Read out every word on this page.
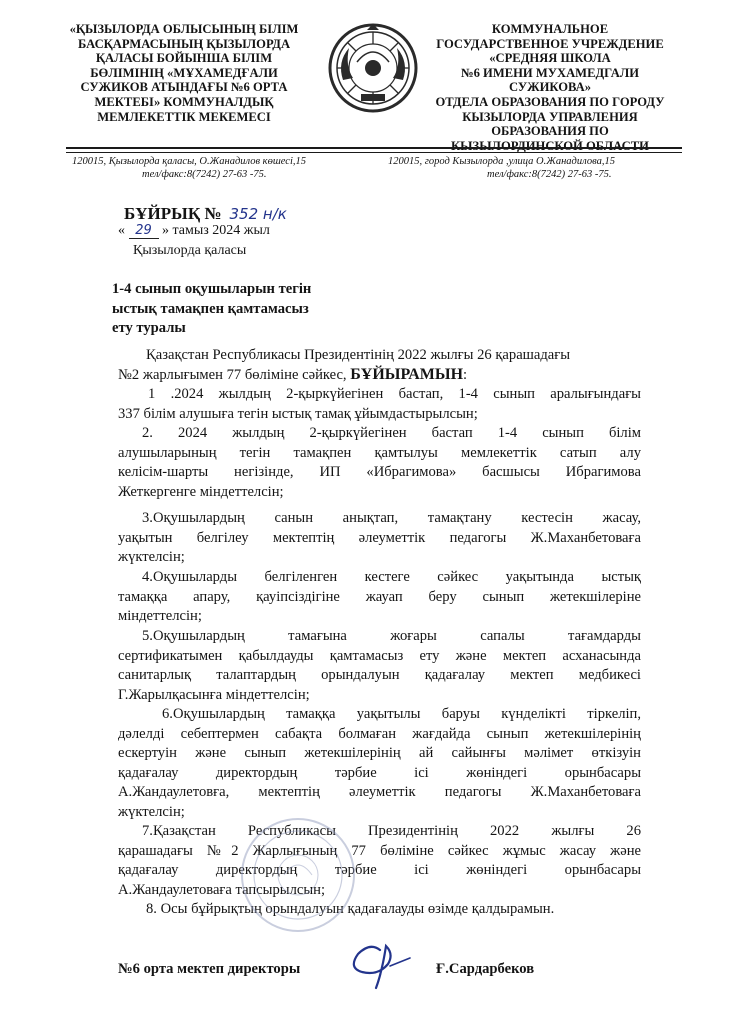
«ҚЫЗЫЛОРДА ОБЛЫСЫНЫҢ БІЛІМ
БАСҚАРМАСЫНЫҢ ҚЫЗЫЛОРДА
ҚАЛАСЫ БОЙЫНША БІЛІМ
БӨЛІМІНІҢ «МҰХАМЕДҒАЛИ
СУЖИКОВ АТЫНДАҒЫ №6 ОРТА
МЕКТЕБІ» КОММУНАЛДЫҚ
МЕМЛЕКЕТТІК МЕКЕМЕСІ
КОММУНАЛЬНОЕ
ГОСУДАРСТВЕННОЕ УЧРЕЖДЕНИЕ
«СРЕДНЯЯ ШКОЛА
№6 ИМЕНИ МУХАМЕДГАЛИ
СУЖИКОВА»
ОТДЕЛА ОБРАЗОВАНИЯ ПО ГОРОДУ
КЫЗЫЛОРДА УПРАВЛЕНИЯ
ОБРАЗОВАНИЯ ПО
КЫЗЫЛОРДИНСКОЙ ОБЛАСТИ
120015, Қызылорда қаласы, О.Жанадилов көшесі,15
тел/факс:8(7242) 27-63 -75.
120015, город Кызылорда ,улица О.Жанадилова,15
тел/факс:8(7242) 27-63 -75.
БҰЙРЫҚ № 352 н/к
« 29 » тамыз 2024 жыл
Қызылорда қаласы
1-4 сынып оқушыларын тегін
ыстық тамақпен қамтамасыз
ету туралы
Қазақстан Республикасы Президентінің 2022 жылғы 26 қарашадағы
№2 жарлығымен 77 бөліміне сәйкес, БҰЙЫРАМЫН:
1 .2024 жылдың 2-қыркүйегінен бастап, 1-4 сынып аралығындағы
337 білім алушыға тегін ыстық тамақ ұйымдастырылсын;
2. 2024 жылдың 2-қыркүйегінен бастап 1-4 сынып білім
алушыларының тегін тамақпен қамтылуы мемлекеттік сатып алу
келісім-шарты негізінде, ИП «Ибрагимова» басшысы Ибрагимова
Жеткергенге міндеттелсін;
3.Оқушылардың санын анықтап, тамақтану кестесін жасау,
уақытын белгілеу мектептің әлеуметтік педагогы Ж.Маханбетоваға
жүктелсін;
4.Оқушыларды белгіленген кестеге сәйкес уақытында ыстық
тамаққа апару, қауіпсіздігіне жауап беру сынып жетекшілеріне
міндеттелсін;
5.Оқушылардың тамағына жоғары сапалы тағамдарды
сертификатымен қабылдауды қамтамасыз ету және мектеп асханасында
санитарлық талаптардың орындалуын қадағалау мектеп медбикесі
Г.Жарылқасынға міндеттелсін;
6.Оқушылардың тамаққа уақытылы баруы күнделікті тіркеліп,
дәлелді себептермен сабақта болмаған жағдайда сынып жетекшілерінің
ескертуін және сынып жетекшілерінің ай сайынғы мәлімет өткізуін
қадағалау директордың тәрбие ісі жөніндегі орынбасары
А.Жандаулетовға, мектептің әлеуметтік педагогы Ж.Маханбетоваға
жүктелсін;
7.Қазақстан Республикасы Президентінің 2022 жылғы 26
қарашадағы №2 Жарлығының 77 бөліміне сәйкес жұмыс жасау және
қадағалау директордың тәрбие ісі жөніндегі орынбасары
А.Жандаулетоваға тапсырылсын;
8. Осы бұйрықтың орындалуын қадағалауды өзімде қалдырамын.
№6 орта мектеп директоры	Ғ.Сардарбеков
